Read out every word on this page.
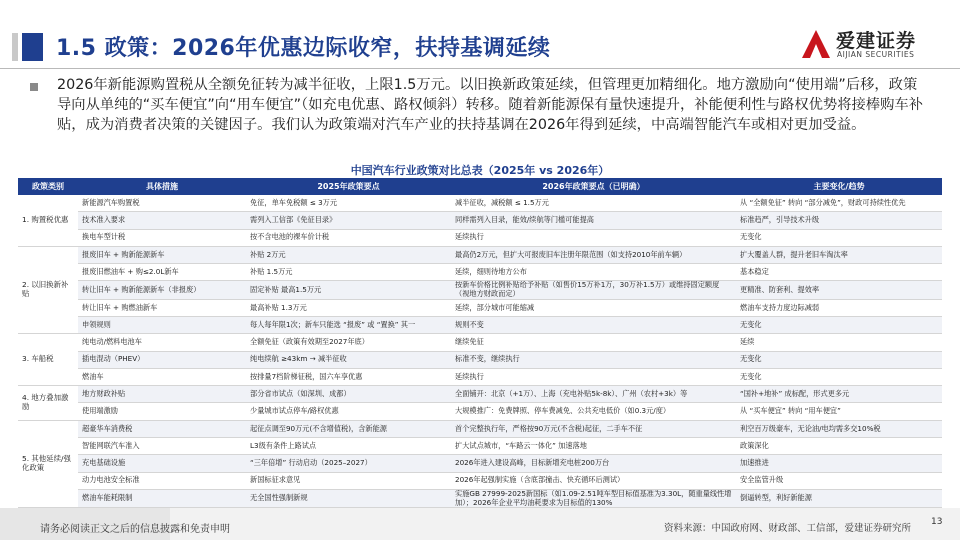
1.5 政策：2026年优惠边际收窄，扶持基调延续	爱建证券
AIJIAN SECURITIES
2026年新能源购置税从全额免征转为减半征收，上限1.5万元。以旧换新政策延续，但管理更加精细化。地方激励向“使用端”后移，政策导向从单纯的“买车便宜”向“用车便宜”（如充电优惠、路权倾斜）转移。随着新能源保有量快速提升，补能便利性与路权优势将接棒购车补贴，成为消费者决策的关键因子。我们认为政策端对汽车产业的扶持基调在2026年得到延续，中高端智能汽车或相对更加受益。
中国汽车行业政策对比总表（2025年 vs 2026年）
政策类别	具体措施	2025年政策要点	2026年政策要点（已明确）	主要变化/趋势
1. 购置税优惠	新能源汽车购置税	免征，单车免税额 ≤ 3万元	减半征收，减税额 ≤ 1.5万元	从 “全额免征” 转向 “部分减免”，财政可持续性优先
	技术准入要求	需列入工信部《免征目录》	同样需列入目录，能效/续航等门槛可能提高	标准趋严，引导技术升级
	换电车型计税	按不含电池的裸车价计税	延续执行	无变化
2. 以旧换新补贴	报废旧车 + 购新能源新车	补贴 2万元	最高仍2万元，但扩大可报废旧车注册年限范围（如支持2010年前车辆）	扩大覆盖人群，提升老旧车淘汰率
	报废旧燃油车 + 购≤2.0L新车	补贴 1.5万元	延续，细则待地方公布	基本稳定
	转让旧车 + 购新能源新车（非报废）	固定补贴 最高1.5万元	按新车价格比例补贴给予补贴（如售价15万补1万，30万补1.5万）或维持固定额度（视地方财政而定）	更精准、防套利、提效率
	转让旧车 + 购燃油新车	最高补贴 1.3万元	延续，部分城市可能缩减	燃油车支持力度边际减弱
	申领规则	每人每年限1次；新车只能选 “报废” 或 “置换” 其一	规则不变	无变化
3. 车船税	纯电动/燃料电池车	全额免征（政策有效期至2027年底）	继续免征	延续
	插电混动（PHEV）	纯电续航 ≥43km → 减半征收	标准不变，继续执行	无变化
	燃油车	按排量7档阶梯征税，国六车享优惠	延续执行	无变化
4. 地方叠加激励	地方财政补贴	部分省市试点（如深圳、成都）	全面铺开：北京（+1万）、上海（充电补贴5k-8k）、广州（农村+3k）等	“国补+地补” 成标配，形式更多元
	使用端激励	少量城市试点停车/路权优惠	大规模推广：免费牌照、停车费减免、公共充电低价（如0.3元/度）	从 “买车便宜” 转向 “用车便宜”
5. 其他延续/强化政策	超豪华车消费税	起征点调至90万元(不含增值税)，含新能源	首个完整执行年，严格按90万元(不含税)起征，二手车不征	利空百万级豪车，无论油/电均需多交10%税
	智能网联汽车准入	L3级有条件上路试点	扩大试点城市，“车路云一体化” 加速落地	政策深化
	充电基础设施	“三年倍增” 行动启动（2025–2027）	2026年进入建设高峰，目标新增充电桩200万台	加速推进
	动力电池安全标准	新国标征求意见	2026年起强制实施（含底部撞击、快充循环后测试）	安全监管升级
	燃油车能耗限制	无全国性强制新规	实施GB 27999-2025新国标（如1.09-2.51吨车型目标值基准为3.30L，随重量线性增加）；2026年企业平均油耗要求为目标值的130%	倒逼转型，利好新能源
请务必阅读正文之后的信息披露和免责申明	资料来源：中国政府网、财政部、工信部，爱建证券研究所
13
